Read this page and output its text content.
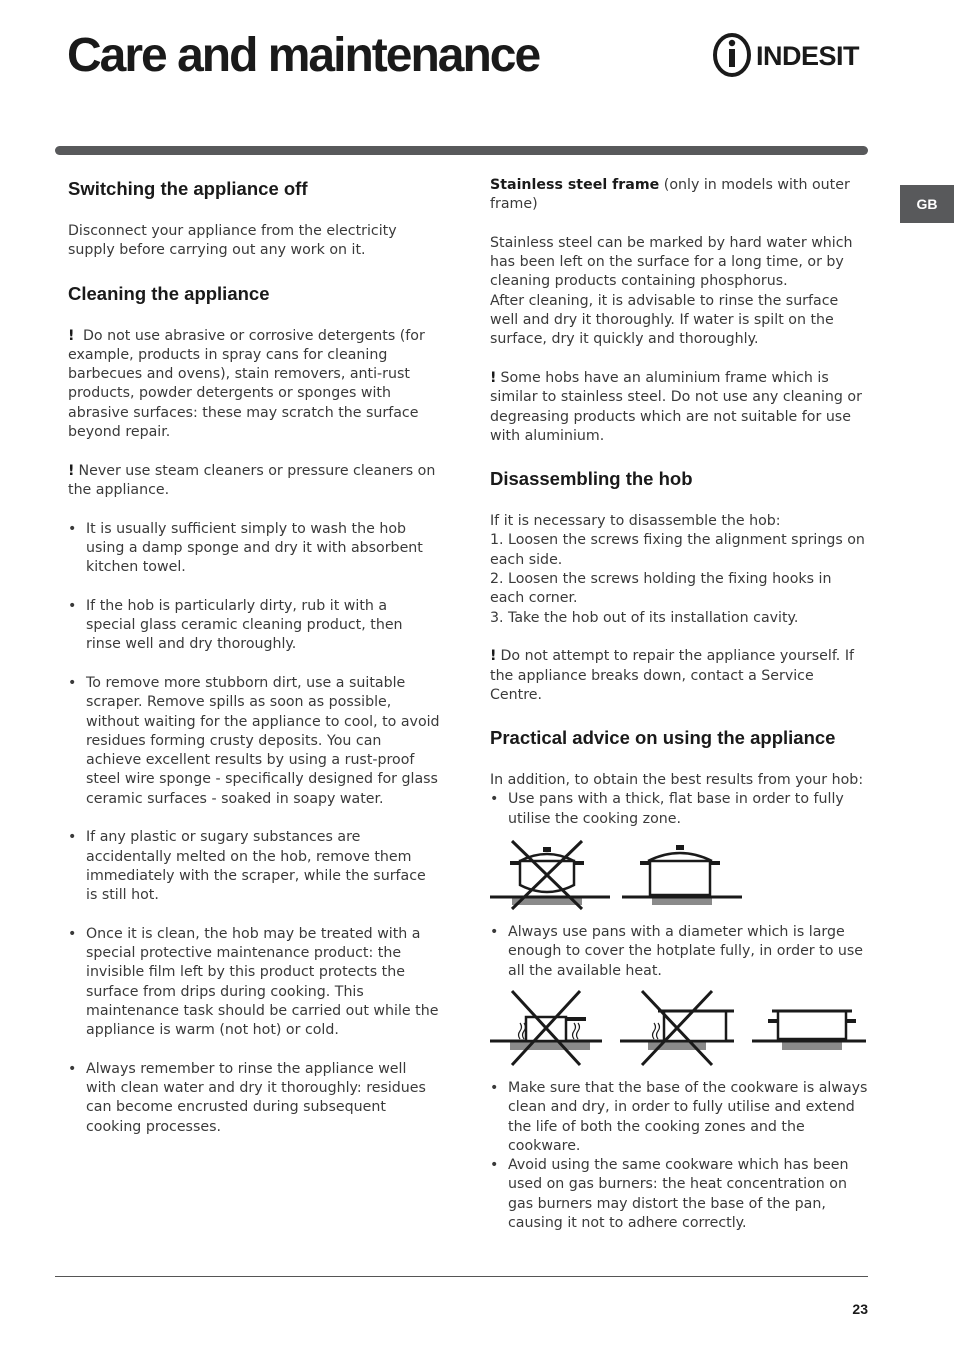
Care and maintenance	INDESIT
GB
Switching the appliance off

Disconnect your appliance from the electricity supply before carrying out any work on it.

Cleaning the appliance

! Do not use abrasive or corrosive detergents (for example, products in spray cans for cleaning barbecues and ovens), stain removers, anti-rust products, powder detergents or sponges with abrasive surfaces: these may scratch the surface beyond repair.

! Never use steam cleaners or pressure cleaners on the appliance.

• It is usually sufficient simply to wash the hob using a damp sponge and dry it with absorbent kitchen towel.
• If the hob is particularly dirty, rub it with a special glass ceramic cleaning product, then rinse well and dry thoroughly.
• To remove more stubborn dirt, use a suitable scraper. Remove spills as soon as possible, without waiting for the appliance to cool, to avoid residues forming crusty deposits. You can achieve excellent results by using a rust-proof steel wire sponge - specifically designed for glass ceramic surfaces - soaked in soapy water.
• If any plastic or sugary substances are accidentally melted on the hob, remove them immediately with the scraper, while the surface is still hot.
• Once it is clean, the hob may be treated with a special protective maintenance product: the invisible film left by this product protects the surface from drips during cooking. This maintenance task should be carried out while the appliance is warm (not hot) or cold.
• Always remember to rinse the appliance well with clean water and dry it thoroughly: residues can become encrusted during subsequent cooking processes.

Stainless steel frame (only in models with outer frame)

Stainless steel can be marked by hard water which has been left on the surface for a long time, or by cleaning products containing phosphorus.

After cleaning, it is advisable to rinse the surface well and dry it thoroughly. If water is spilt on the surface, dry it quickly and thoroughly.

! Some hobs have an aluminium frame which is similar to stainless steel. Do not use any cleaning or degreasing products which are not suitable for use with aluminium.

Disassembling the hob

If it is necessary to disassemble the hob:

1. Loosen the screws fixing the alignment springs on each side.

2. Loosen the screws holding the fixing hooks in each corner.

3. Take the hob out of its installation cavity.

! Do not attempt to repair the appliance yourself. If the appliance breaks down, contact a Service Centre.

Practical advice on using the appliance

In addition, to obtain the best results from your hob:

• Use pans with a thick, flat base in order to fully utilise the cooking zone.
• Always use pans with a diameter which is large enough to cover the hotplate fully, in order to use all the available heat.
• Make sure that the base of the cookware is always clean and dry, in order to fully utilise and extend the life of both the cooking zones and the cookware.
• Avoid using the same cookware which has been used on gas burners: the heat concentration on gas burners may distort the base of the pan, causing it not to adhere correctly.
23
